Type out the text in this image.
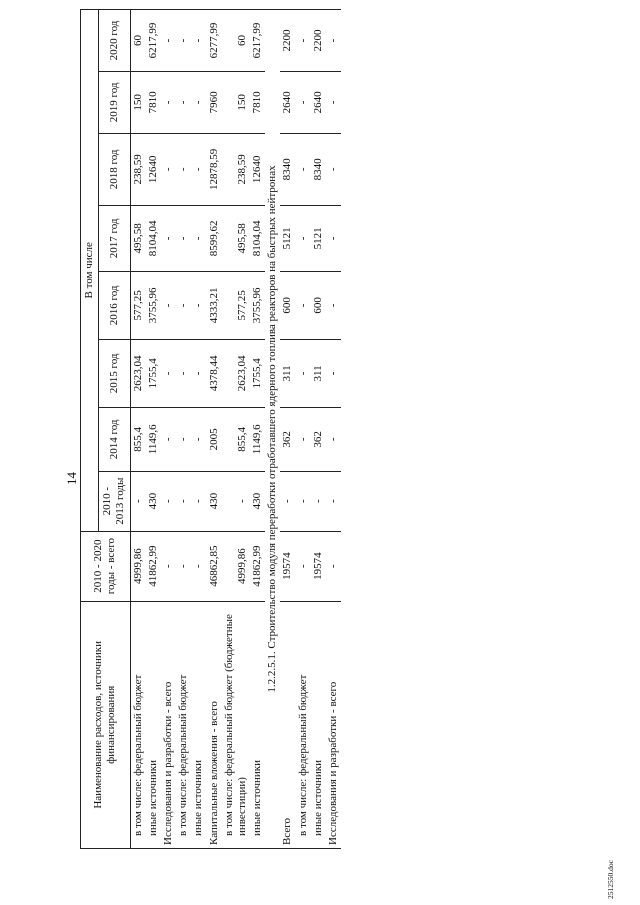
14
2512550.doc
Наименование расходов, источники финансирования	2010 - 2020 годы - всего	В том числе							
		2010 - 2013 годы	2014 год	2015 год	2016 год	2017 год	2018 год	2019 год	2020 год
в том числе: федеральный бюджет	4999,86	-	855,4	2623,04	577,25	495,58	238,59	150	60
иные источники	41862,99	430	1149,6	1755,4	3755,96	8104,04	12640	7810	6217,99
Исследования и разработки - всего	-	-	-	-	-	-	-	-	-
в том числе: федеральный бюджет	-	-	-	-	-	-	-	-	-
иные источники	-	-	-	-	-	-	-	-	-
Капитальные вложения - всего	46862,85	430	2005	4378,44	4333,21	8599,62	12878,59	7960	6277,99
в том числе: федеральный бюджет (бюджетные инвестиции)	4999,86	-	855,4	2623,04	577,25	495,58	238,59	150	60
иные источники	41862,99	430	1149,6	1755,4	3755,96	8104,04	12640	7810	6217,99
1.2.2.5.1. Строительство модуля переработки отработавшего ядерного топлива реакторов на быстрых нейтронах									
Всего	19574	-	362	311	600	5121	8340	2640	2200
в том числе: федеральный бюджет	-	-	-	-	-	-	-	-	-
иные источники	19574	-	362	311	600	5121	8340	2640	2200
Исследования и разработки - всего	-	-	-	-	-	-	-	-	-
